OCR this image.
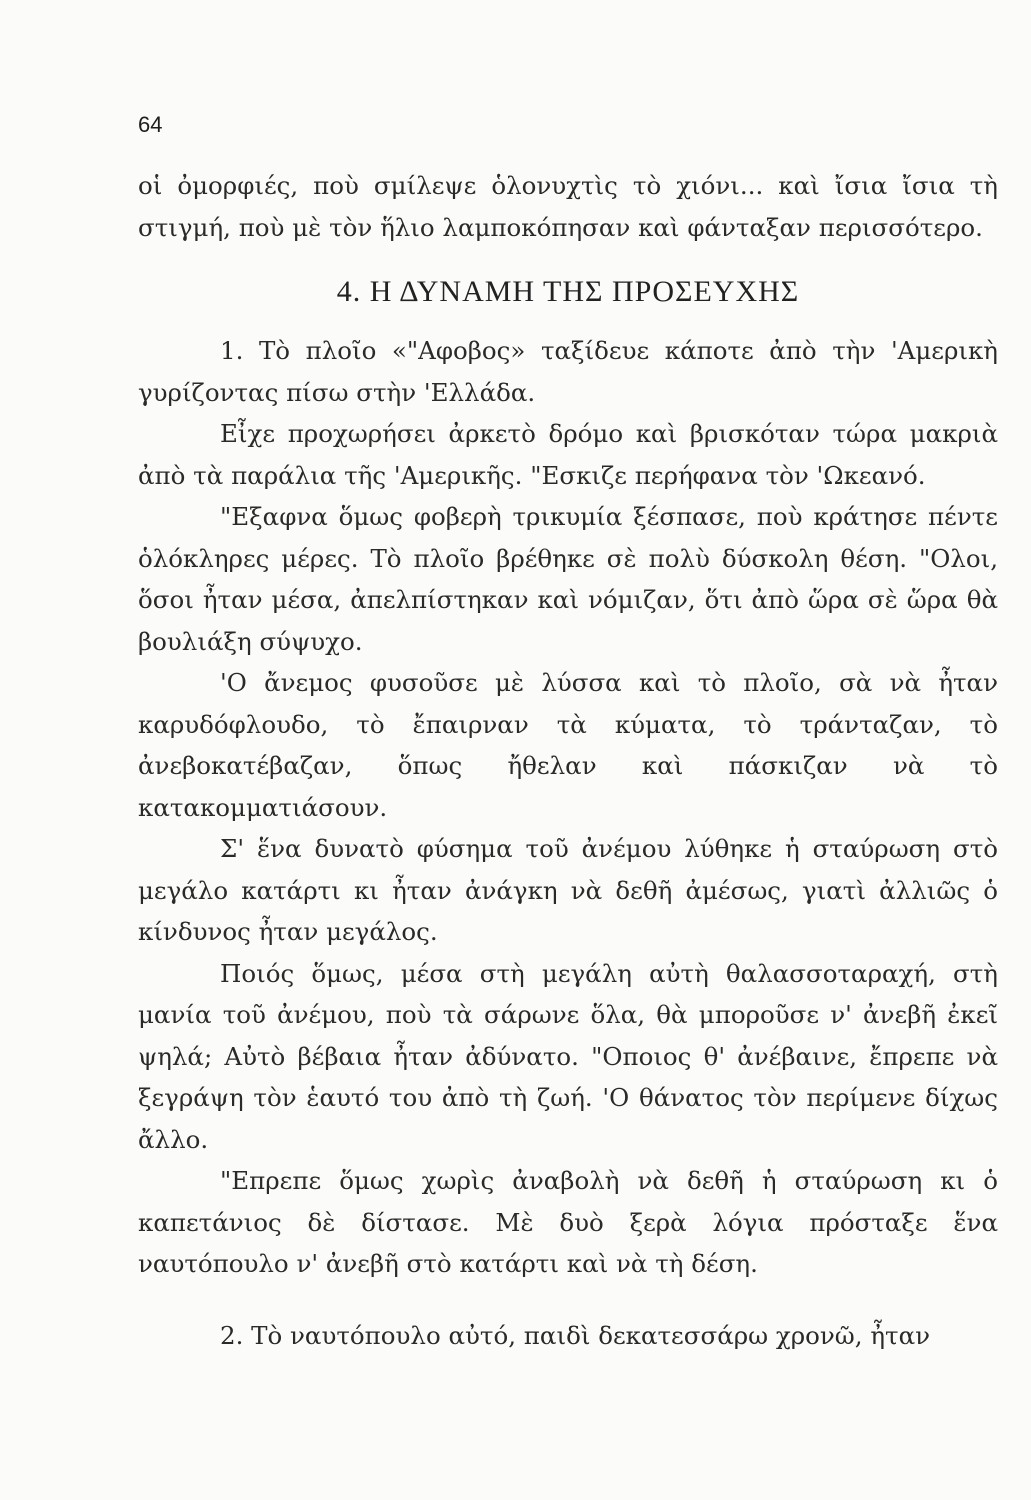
64

οἱ ὀμορφιές, ποὺ σμίλεψε ὁλονυχτὶς τὸ χιόνι... καὶ ἴσια ἴσια τὴ στιγμή, ποὺ μὲ τὸν ἥλιο λαμποκόπησαν καὶ φάνταξαν περισσότερο.

4. Η ΔΥΝΑΜΗ ΤΗΣ ΠΡΟΣΕΥΧΗΣ

1. Τὸ πλοῖο «"Αφοβος» ταξίδευε κάποτε ἀπὸ τὴν 'Αμερικὴ γυρίζοντας πίσω στὴν 'Ελλάδα.

Εἶχε προχωρήσει ἀρκετὸ δρόμο καὶ βρισκόταν τώρα μακριὰ ἀπὸ τὰ παράλια τῆς 'Αμερικῆς. "Εσκιζε περήφανα τὸν 'Ωκεανό.

"Εξαφνα ὅμως φοβερὴ τρικυμία ξέσπασε, ποὺ κράτησε πέντε ὁλόκληρες μέρες. Τὸ πλοῖο βρέθηκε σὲ πολὺ δύσκολη θέση. "Ολοι, ὅσοι ἦταν μέσα, ἀπελπίστηκαν καὶ νόμιζαν, ὅτι ἀπὸ ὥρα σὲ ὥρα θὰ βουλιάξη σύψυχο.

'Ο ἄνεμος φυσοῦσε μὲ λύσσα καὶ τὸ πλοῖο, σὰ νὰ ἦταν καρυδόφλουδο, τὸ ἔπαιρναν τὰ κύματα, τὸ τράνταζαν, τὸ ἀνεβοκατέβαζαν, ὅπως ἤθελαν καὶ πάσκιζαν νὰ τὸ κατακομματιάσουν.

Σ' ἕνα δυνατὸ φύσημα τοῦ ἀνέμου λύθηκε ἡ σταύρωση στὸ μεγάλο κατάρτι κι ἦταν ἀνάγκη νὰ δεθῆ ἀμέσως, γιατὶ ἀλλιῶς ὁ κίνδυνος ἦταν μεγάλος.

Ποιός ὅμως, μέσα στὴ μεγάλη αὐτὴ θαλασσοταραχή, στὴ μανία τοῦ ἀνέμου, ποὺ τὰ σάρωνε ὅλα, θὰ μποροῦσε ν' ἀνεβῆ ἐκεῖ ψηλά; Αὐτὸ βέβαια ἦταν ἀδύνατο. "Οποιος θ' ἀνέβαινε, ἔπρεπε νὰ ξεγράψη τὸν ἑαυτό του ἀπὸ τὴ ζωή. 'Ο θάνατος τὸν περίμενε δίχως ἄλλο.

"Επρεπε ὅμως χωρὶς ἀναβολὴ νὰ δεθῆ ἡ σταύρωση κι ὁ καπετάνιος δὲ δίστασε. Μὲ δυὸ ξερὰ λόγια πρόσταξε ἕνα ναυτόπουλο ν' ἀνεβῆ στὸ κατάρτι καὶ νὰ τὴ δέση.

2. Τὸ ναυτόπουλο αὐτό, παιδὶ δεκατεσσάρω χρονῶ, ἦταν
